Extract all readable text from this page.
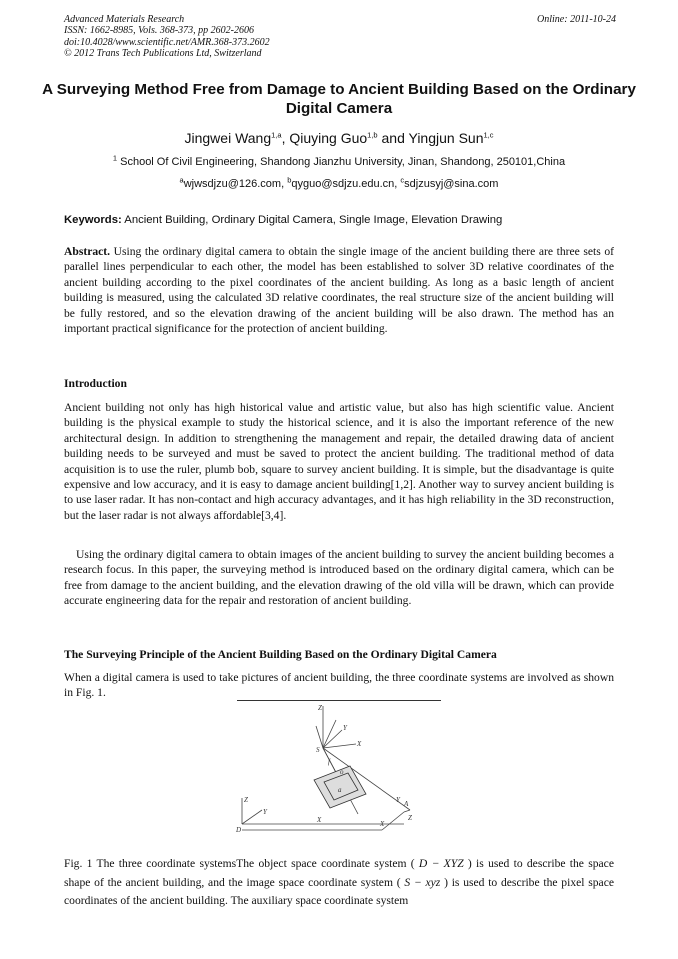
Advanced Materials Research
ISSN: 1662-8985, Vols. 368-373, pp 2602-2606
doi:10.4028/www.scientific.net/AMR.368-373.2602
© 2012 Trans Tech Publications Ltd, Switzerland
Online: 2011-10-24
A Surveying Method Free from Damage to Ancient Building Based on the Ordinary Digital Camera
Jingwei Wang$^{1,a}$, Qiuying Guo$^{1,b}$ and Yingjun Sun$^{1,c}$
$^1$ School Of Civil Engineering, Shandong Jianzhu University, Jinan, Shandong, 250101,China
$^a$wjwsdjzu@126.com, $^b$qyguo@sdjzu.edu.cn, $^c$sdjzusyj@sina.com
Keywords: Ancient Building, Ordinary Digital Camera, Single Image, Elevation Drawing

Abstract. Using the ordinary digital camera to obtain the single image of the ancient building there are three sets of parallel lines perpendicular to each other, the model has been established to solver 3D relative coordinates of the ancient building according to the pixel coordinates of the ancient building. As long as a basic length of ancient building is measured, using the calculated 3D relative coordinates, the real structure size of the ancient building will be fully restored, and so the elevation drawing of the ancient building will be also drawn. The method has an important practical significance for the protection of ancient building.

Introduction

Ancient building not only has high historical value and artistic value, but also has high scientific value. Ancient building is the physical example to study the historical science, and it is also the important reference of the new architectural design. In addition to strengthening the management and repair, the detailed drawing data of ancient building needs to be surveyed and must be saved to protect the ancient building. The traditional method of data acquisition is to use the ruler, plumb bob, square to survey ancient building. It is simple, but the disadvantage is quite expensive and low accuracy, and it is easy to damage ancient building[1,2]. Another way to survey ancient building is to use laser radar. It has non-contact and high accuracy advantages, and it has high reliability in the 3D reconstruction, but the laser radar is not always affordable[3,4].

Using the ordinary digital camera to obtain images of the ancient building to survey the ancient building becomes a research focus. In this paper, the surveying method is introduced based on the ordinary digital camera, which can be free from damage to the ancient building, and the elevation drawing of the old villa will be drawn, which can provide accurate engineering data for the repair and restoration of ancient building.

The Surveying Principle of the Ancient Building Based on the Ordinary Digital Camera

When a digital camera is used to take pictures of ancient building, the three coordinate systems are involved as shown in Fig. 1.

Z
Y
X
S
f
o
a
Z
Y
X
D
A
Y
X
Z

Fig. 1 The three coordinate systemsThe object space coordinate system ( D − XYZ ) is used to describe the space shape of the ancient building, and the image space coordinate system ( S − xyz ) is used to describe the pixel space coordinates of the ancient building. The auxiliary space coordinate system
